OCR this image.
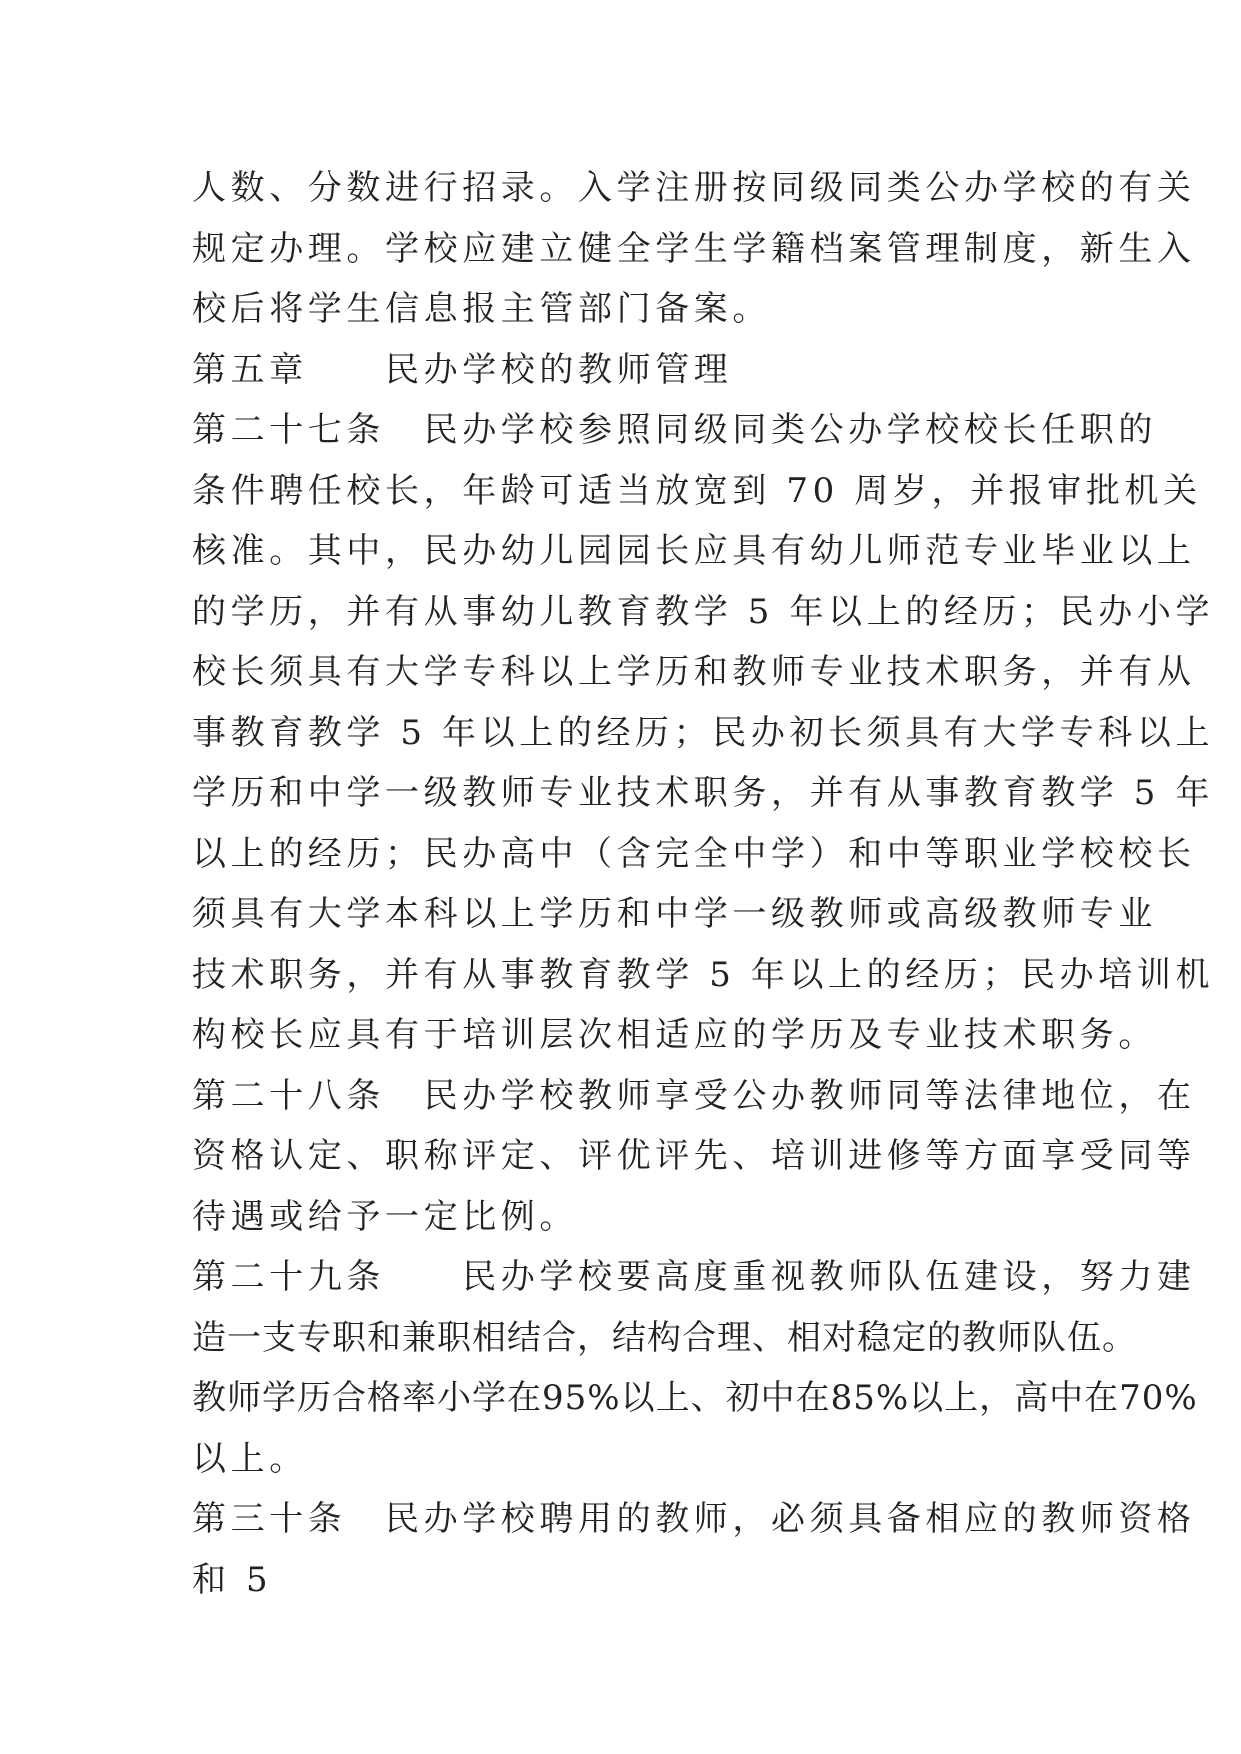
人数、分数进行招录。入学注册按同级同类公办学校的有关
规定办理。学校应建立健全学生学籍档案管理制度，新生入
校后将学生信息报主管部门备案。
第五章　　民办学校的教师管理
第二十七条　民办学校参照同级同类公办学校校长任职的
条件聘任校长，年龄可适当放宽到 70 周岁，并报审批机关
核准。其中，民办幼儿园园长应具有幼儿师范专业毕业以上
的学历，并有从事幼儿教育教学 5 年以上的经历；民办小学
校长须具有大学专科以上学历和教师专业技术职务，并有从
事教育教学 5 年以上的经历；民办初长须具有大学专科以上
学历和中学一级教师专业技术职务，并有从事教育教学 5 年
以上的经历；民办高中（含完全中学）和中等职业学校校长
须具有大学本科以上学历和中学一级教师或高级教师专业
技术职务，并有从事教育教学 5 年以上的经历；民办培训机
构校长应具有于培训层次相适应的学历及专业技术职务。
第二十八条　民办学校教师享受公办教师同等法律地位，在
资格认定、职称评定、评优评先、培训进修等方面享受同等
待遇或给予一定比例。
第二十九条　　民办学校要高度重视教师队伍建设，努力建
造一支专职和兼职相结合，结构合理、相对稳定的教师队伍。
教师学历合格率小学在95%以上、初中在85%以上，高中在70%
以上。
第三十条　民办学校聘用的教师，必须具备相应的教师资格
和 5
